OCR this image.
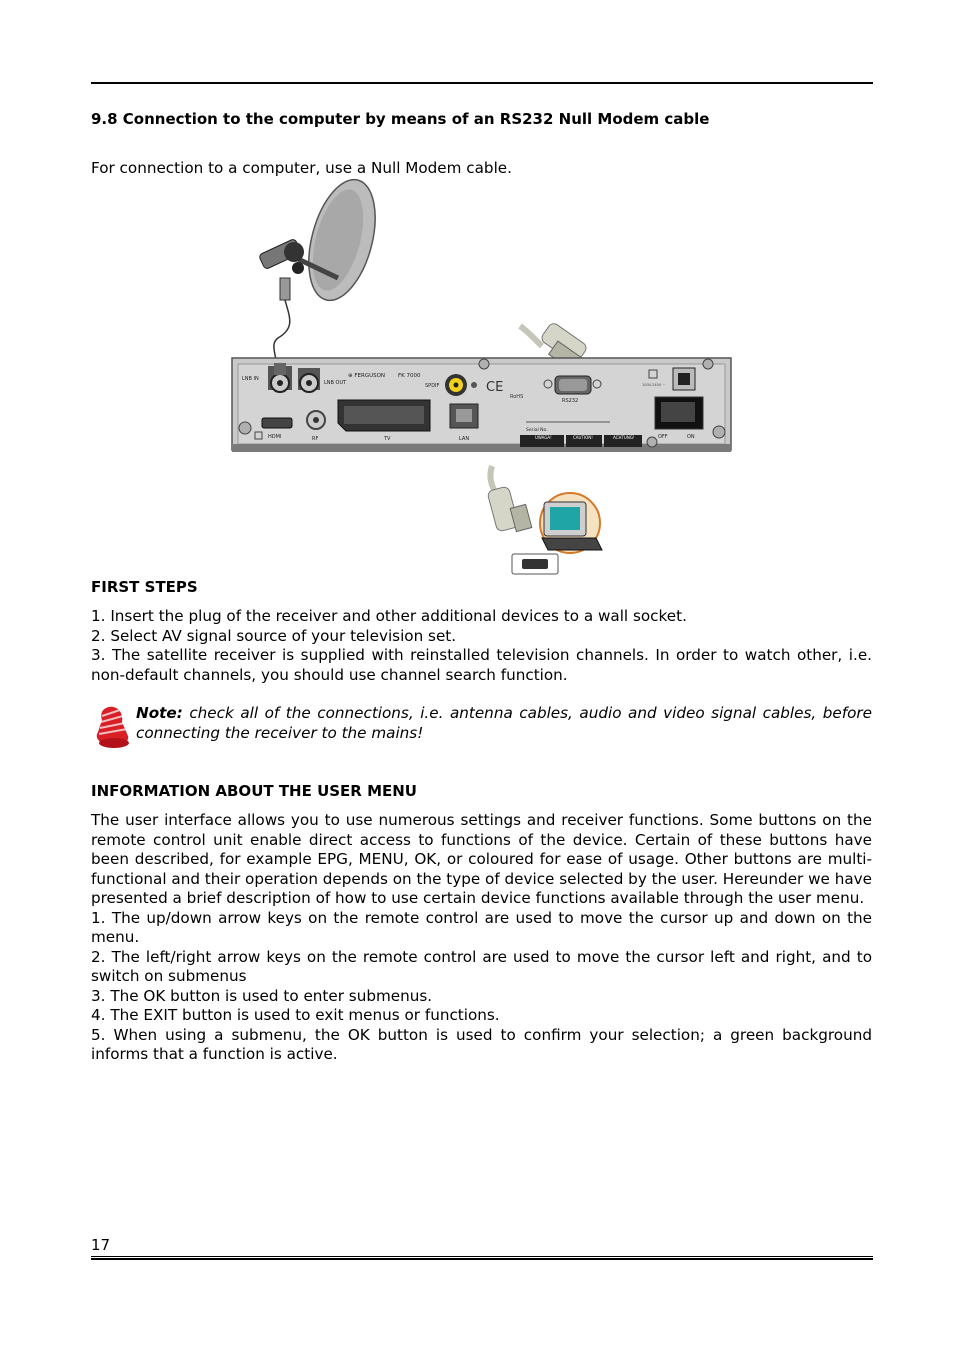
9.8 Connection to the computer by means of an RS232 Null Modem cable
For connection to a computer, use a Null Modem cable.
LNB IN
LNB OUT
⊕ FERGUSON FK 7000
SPDIF	CE
RoHS
RS232
100V-240V ~
OFF	ON
HDMI	RF	TV	LAN
Serial No.
UWAGA!	CAUTION!	ACHTUNG!
FIRST STEPS
1. Insert the plug of the receiver and other additional devices to a wall socket.
2. Select AV signal source of your television set.
3. The satellite receiver is supplied with reinstalled television channels. In order to watch other, i.e. non-default channels, you should use channel search function.
Note: check all of the connections, i.e. antenna cables, audio and video signal cables, before connecting the receiver to the mains!
INFORMATION ABOUT THE USER MENU
The user interface allows you to use numerous settings and receiver functions. Some buttons on the remote control unit enable direct access to functions of the device. Certain of these buttons have been described, for example EPG, MENU, OK, or coloured for ease of usage. Other buttons are multi-functional and their operation depends on the type of device selected by the user. Hereunder we have presented a brief description of how to use certain device functions available through the user menu.
1. The up/down arrow keys on the remote control are used to move the cursor up and down on the menu.
2. The left/right arrow keys on the remote control are used to move the cursor left and right, and to switch on submenus
3. The OK button is used to enter submenus.
4. The EXIT button is used to exit menus or functions.
5. When using a submenu, the OK button is used to confirm your selection; a green background informs that a function is active.
17
